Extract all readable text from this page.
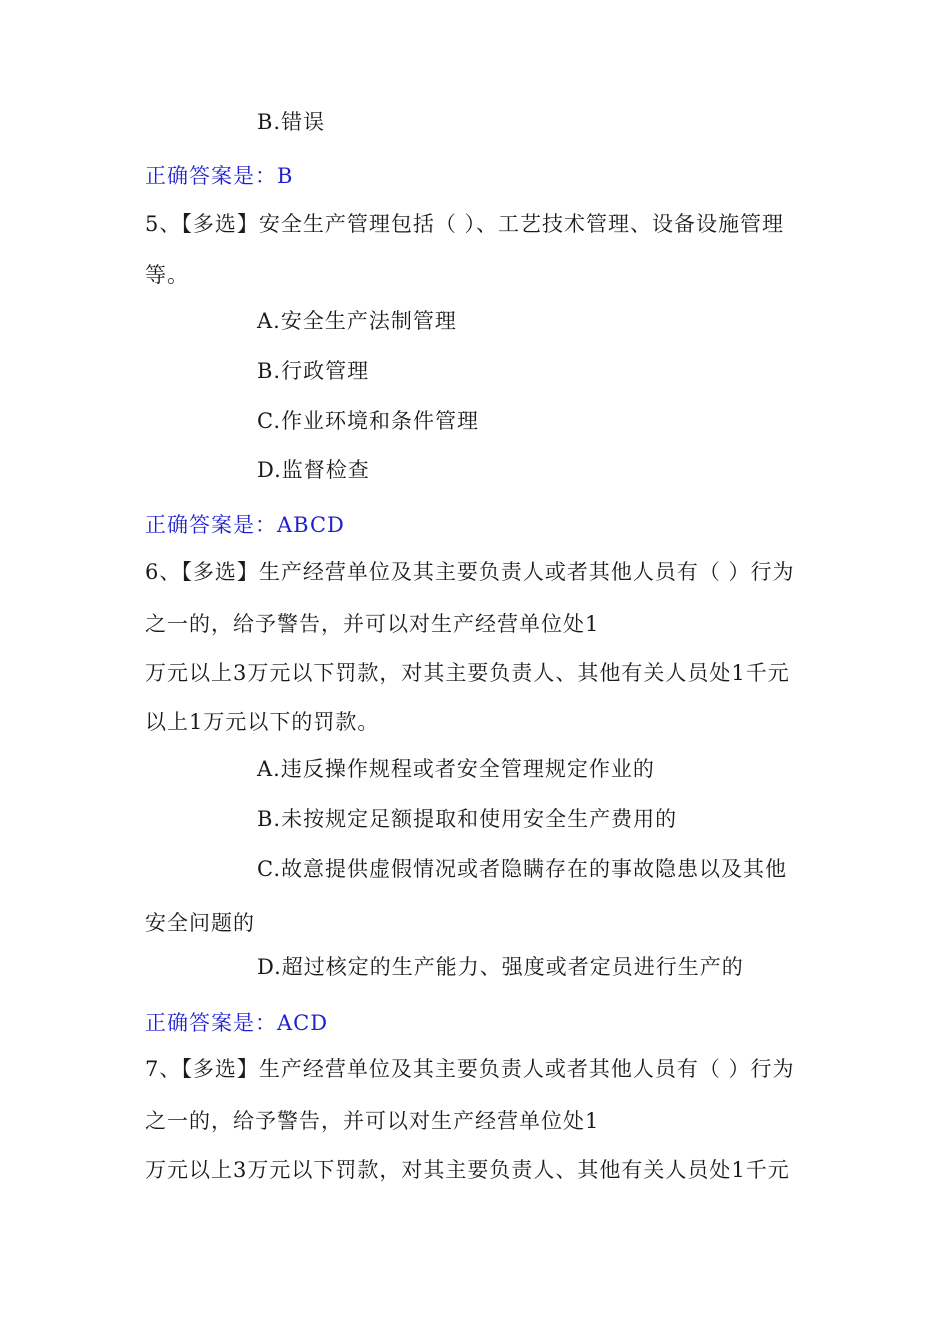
B.错误
正确答案是：B
5、【多选】安全生产管理包括（ ）、工艺技术管理、设备设施管理
等。
A.安全生产法制管理
B.行政管理
C.作业环境和条件管理
D.监督检查
正确答案是：ABCD
6、【多选】生产经营单位及其主要负责人或者其他人员有（ ）行为
之一的，给予警告，并可以对生产经营单位处1
万元以上3万元以下罚款，对其主要负责人、其他有关人员处1千元
以上1万元以下的罚款。
A.违反操作规程或者安全管理规定作业的
B.未按规定足额提取和使用安全生产费用的
C.故意提供虚假情况或者隐瞒存在的事故隐患以及其他
安全问题的
D.超过核定的生产能力、强度或者定员进行生产的
正确答案是：ACD
7、【多选】生产经营单位及其主要负责人或者其他人员有（ ）行为
之一的，给予警告，并可以对生产经营单位处1
万元以上3万元以下罚款，对其主要负责人、其他有关人员处1千元
